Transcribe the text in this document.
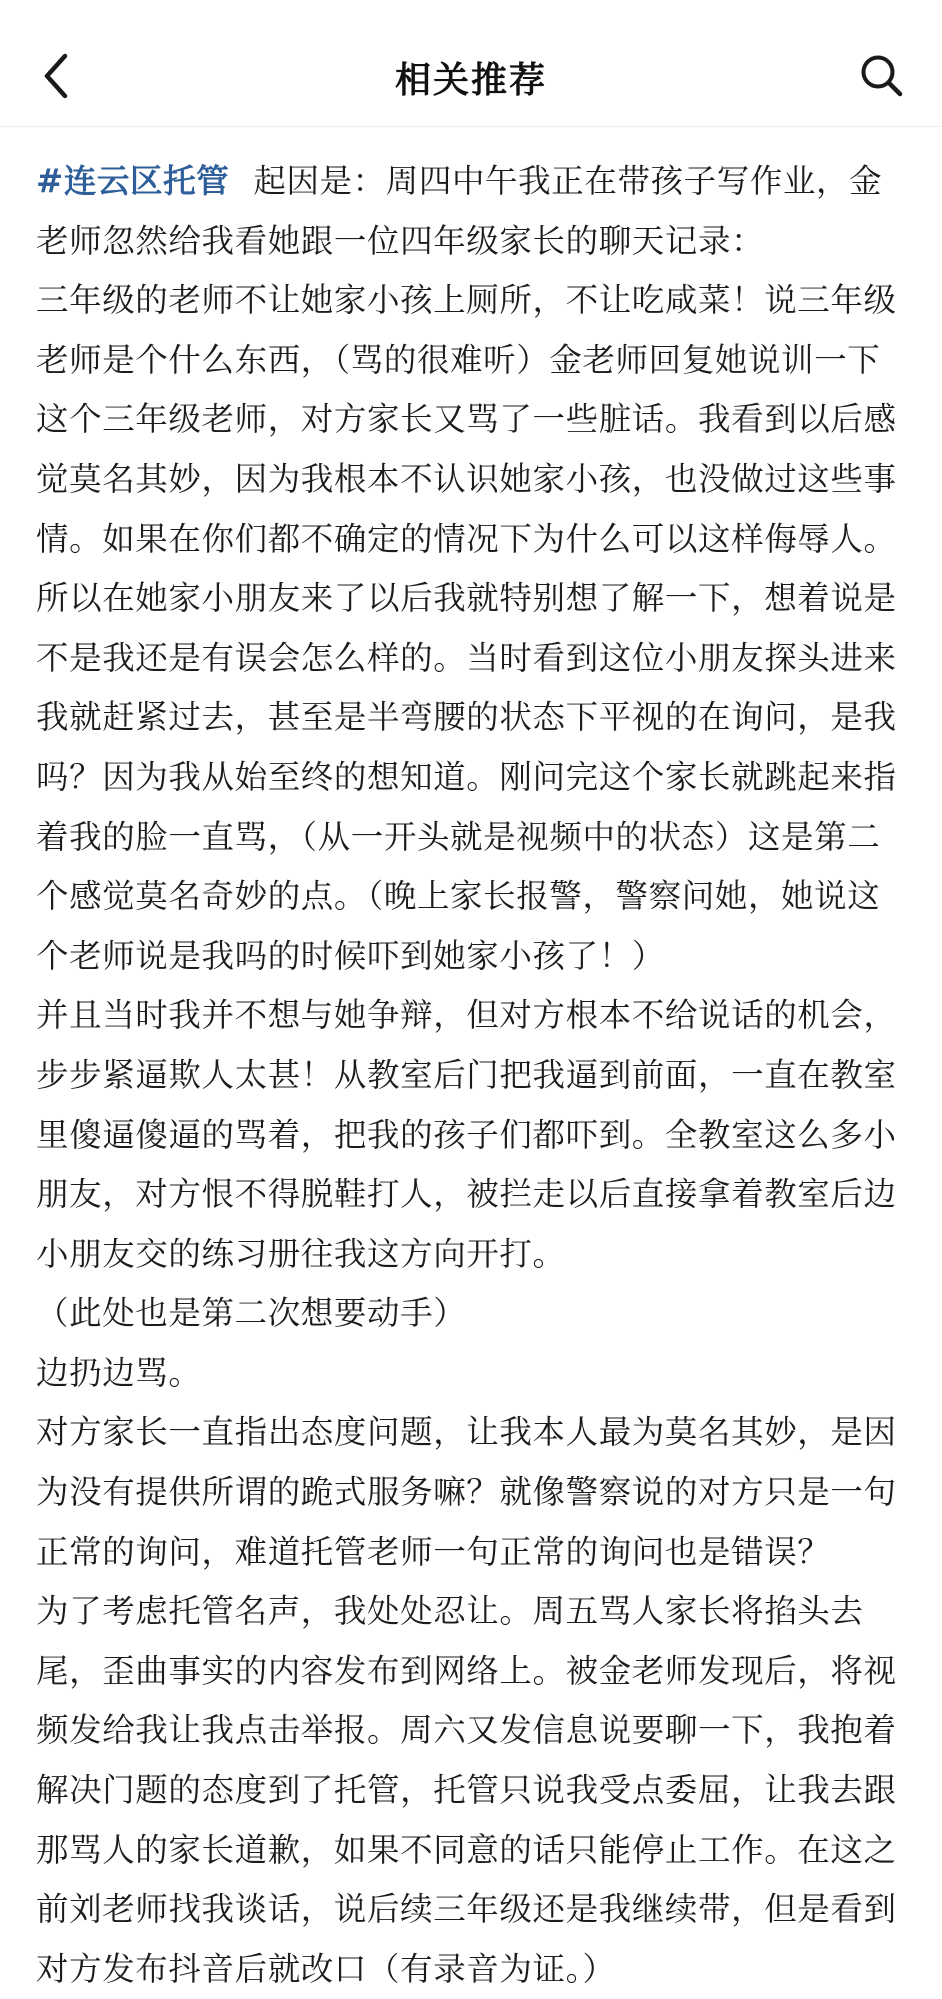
相关推荐

#连云区托管 起因是：周四中午我正在带孩子写作业，金老师忽然给我看她跟一位四年级家长的聊天记录：

三年级的老师不让她家小孩上厕所，不让吃咸菜！说三年级老师是个什么东西，（骂的很难听）金老师回复她说训一下这个三年级老师，对方家长又骂了一些脏话。我看到以后感觉莫名其妙，因为我根本不认识她家小孩，也没做过这些事情。如果在你们都不确定的情况下为什么可以这样侮辱人。

所以在她家小朋友来了以后我就特别想了解一下，想着说是不是我还是有误会怎么样的。当时看到这位小朋友探头进来我就赶紧过去，甚至是半弯腰的状态下平视的在询问，是我吗？因为我从始至终的想知道。刚问完这个家长就跳起来指着我的脸一直骂，（从一开头就是视频中的状态）这是第二个感觉莫名奇妙的点。（晚上家长报警，警察问她，她说这个老师说是我吗的时候吓到她家小孩了！）

并且当时我并不想与她争辩，但对方根本不给说话的机会，步步紧逼欺人太甚！从教室后门把我逼到前面，一直在教室里傻逼傻逼的骂着，把我的孩子们都吓到。全教室这么多小朋友，对方恨不得脱鞋打人，被拦走以后直接拿着教室后边小朋友交的练习册往我这方向开打。

（此处也是第二次想要动手）

边扔边骂。

对方家长一直指出态度问题，让我本人最为莫名其妙，是因为没有提供所谓的跪式服务嘛？就像警察说的对方只是一句正常的询问，难道托管老师一句正常的询问也是错误？

为了考虑托管名声，我处处忍让。周五骂人家长将掐头去尾，歪曲事实的内容发布到网络上。被金老师发现后，将视频发给我让我点击举报。周六又发信息说要聊一下，我抱着解决门题的态度到了托管，托管只说我受点委屈，让我去跟那骂人的家长道歉，如果不同意的话只能停止工作。在这之前刘老师找我谈话，说后续三年级还是我继续带，但是看到对方发布抖音后就改口（有录音为证。）
